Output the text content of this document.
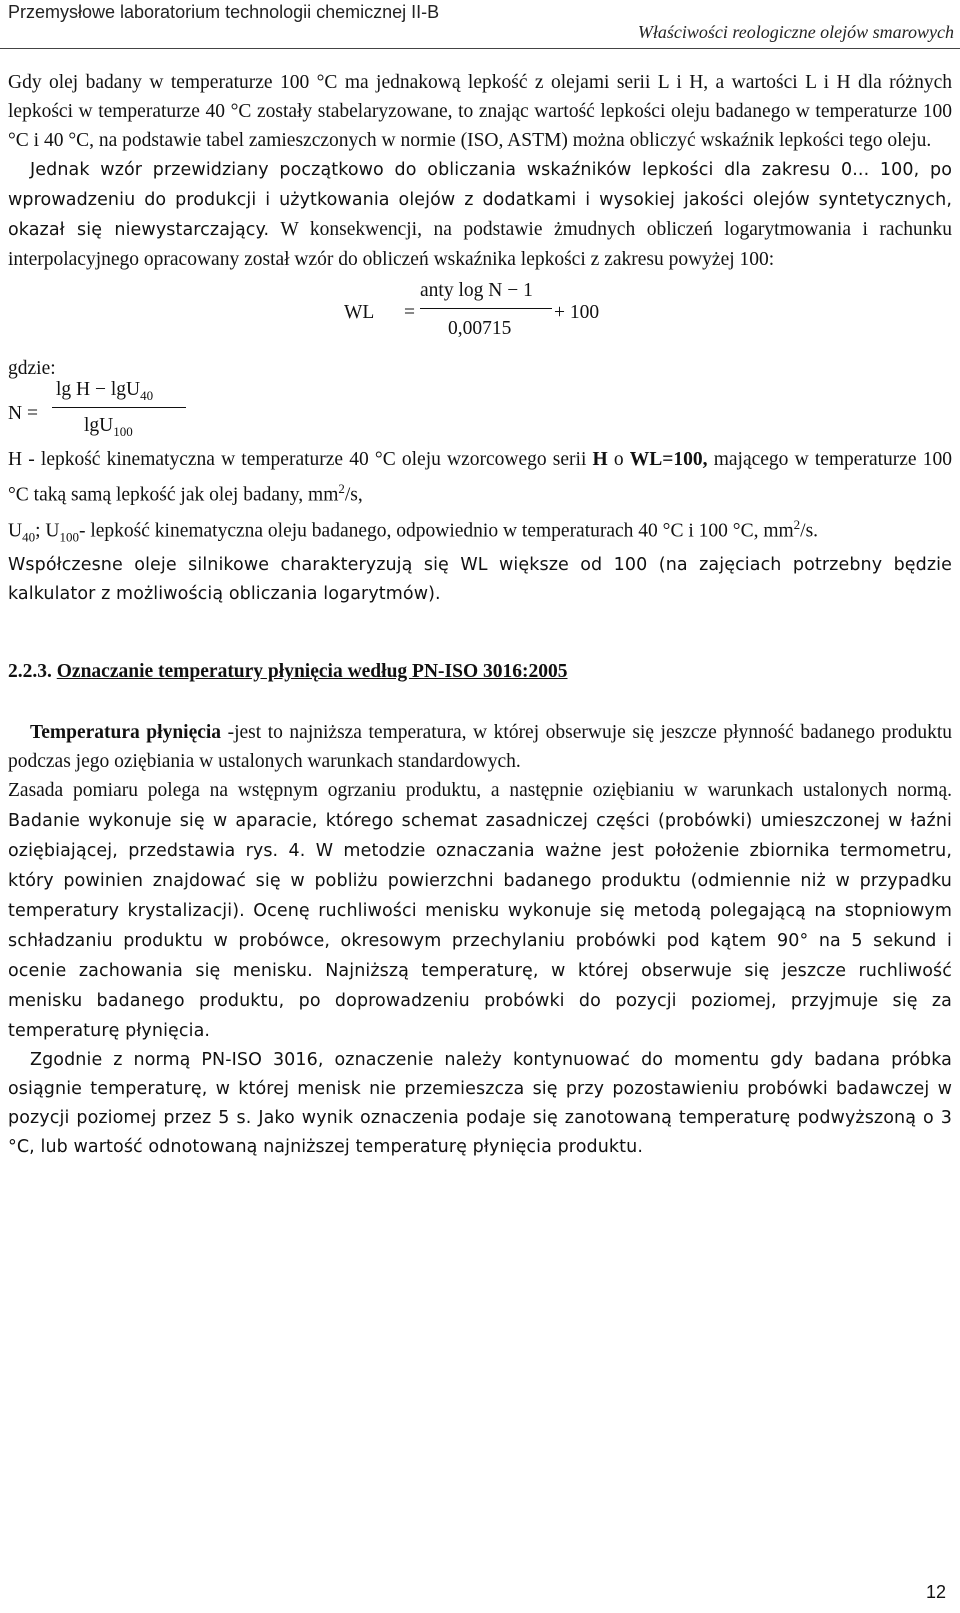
Przemysłowe laboratorium technologii chemicznej II-B
Właściwości reologiczne olejów smarowych

Gdy olej badany w temperaturze 100 °C ma jednakową lepkość z olejami serii L i H, a wartości L i H dla różnych lepkości w temperaturze 40 °C zostały stabelaryzowane, to znając wartość lepkości oleju badanego w temperaturze 100 °C i 40 °C, na podstawie tabel zamieszczonych w normie (ISO, ASTM) można obliczyć wskaźnik lepkości tego oleju.

Jednak wzór przewidziany początkowo do obliczania wskaźników lepkości dla zakresu 0... 100, po wprowadzeniu do produkcji i użytkowania olejów z dodatkami i wysokiej jakości olejów syntetycznych, okazał się niewystarczający. W konsekwencji, na podstawie żmudnych obliczeń logarytmowania i rachunku interpolacyjnego opracowany został wzór do obliczeń wskaźnika lepkości z zakresu powyżej 100:

WL =
anty log N − 1
0,00715
+ 100

gdzie:

N =
lg H − lgU$_{40}$
lgU$_{100}$

H - lepkość kinematyczna w temperaturze 40 °C oleju wzorcowego serii H o WL=100, mającego w temperaturze 100 °C taką samą lepkość jak olej badany, $mm^2/s$,

$U_{40}$; $U_{100}-$ lepkość kinematyczna oleju badanego, odpowiednio w temperaturach 40 °C i 100 °C, $mm^2/s$.

Współczesne oleje silnikowe charakteryzują się WL większe od 100 (na zajęciach potrzebny będzie kalkulator z możliwością obliczania logarytmów).

2.2.3. Oznaczanie temperatury płynięcia według PN-ISO 3016:2005

Temperatura płynięcia -jest to najniższa temperatura, w której obserwuje się jeszcze płynność badanego produktu podczas jego oziębiania w ustalonych warunkach standardowych.

Zasada pomiaru polega na wstępnym ogrzaniu produktu, a następnie oziębianiu w warunkach ustalonych normą. Badanie wykonuje się w aparacie, którego schemat zasadniczej części (probówki) umieszczonej w łaźni oziębiającej, przedstawia rys. 4. W metodzie oznaczania ważne jest położenie zbiornika termometru, który powinien znajdować się w pobliżu powierzchni badanego produktu (odmiennie niż w przypadku temperatury krystalizacji). Ocenę ruchliwości menisku wykonuje się metodą polegającą na stopniowym schładzaniu produktu w probówce, okresowym przechylaniu probówki pod kątem 90° na 5 sekund i ocenie zachowania się menisku. Najniższą temperaturę, w której obserwuje się jeszcze ruchliwość menisku badanego produktu, po doprowadzeniu probówki do pozycji poziomej, przyjmuje się za temperaturę płynięcia.

Zgodnie z normą PN-ISO 3016, oznaczenie należy kontynuować do momentu gdy badana próbka osiągnie temperaturę, w której menisk nie przemieszcza się przy pozostawieniu probówki badawczej w pozycji poziomej przez 5 s. Jako wynik oznaczenia podaje się zanotowaną temperaturę podwyższoną o 3 °C, lub wartość odnotowaną najniższej temperaturę płynięcia produktu.

12
